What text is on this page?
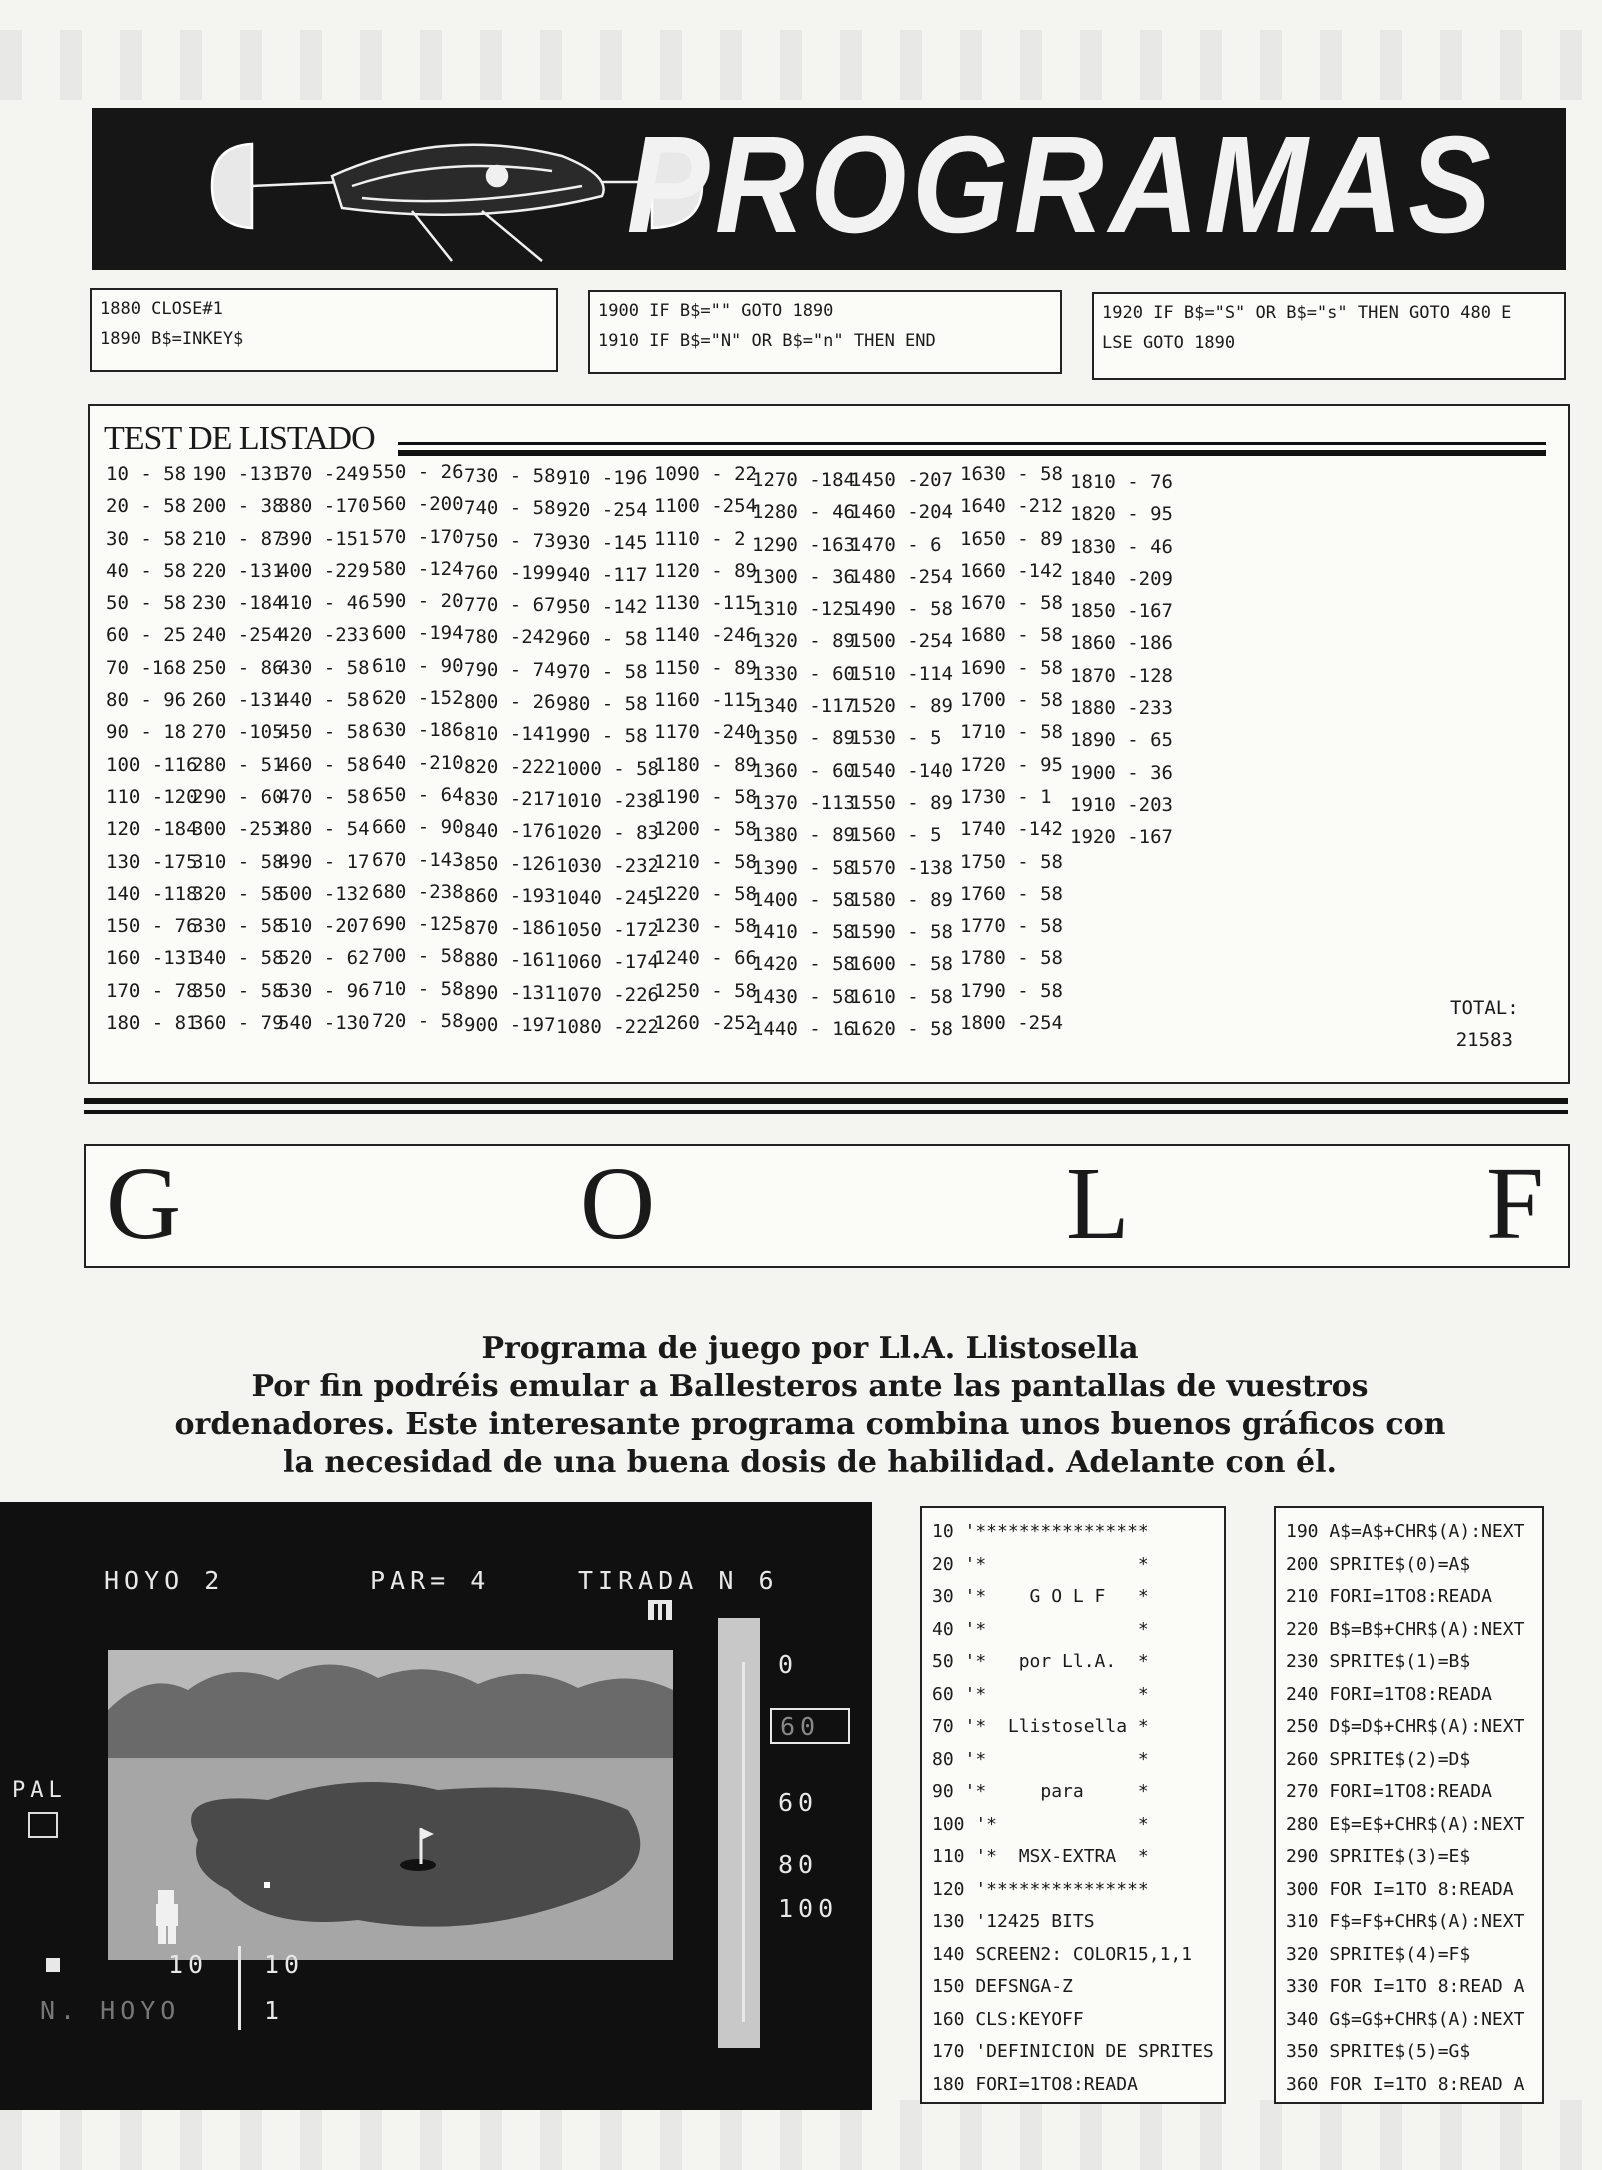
PROGRAMAS
1880 CLOSE#1
1890 B$=INKEY$
1900 IF B$="" GOTO 1890
1910 IF B$="N" OR B$="n" THEN END
1920 IF B$="S" OR B$="s" THEN GOTO 480 E
LSE GOTO 1890
TEST DE LISTADO
10 - 58
20 - 58
30 - 58
40 - 58
50 - 58
60 - 25
70 -168
80 - 96
90 - 18
100 -116
110 -120
120 -184
130 -175
140 -118
150 - 76
160 -131
170 - 78
180 - 81
190 -131
200 - 38
210 - 87
220 -131
230 -184
240 -254
250 - 86
260 -131
270 -105
280 - 51
290 - 60
300 -253
310 - 58
320 - 58
330 - 58
340 - 58
350 - 58
360 - 79
370 -249
380 -170
390 -151
400 -229
410 - 46
420 -233
430 - 58
440 - 58
450 - 58
460 - 58
470 - 58
480 - 54
490 - 17
500 -132
510 -207
520 - 62
530 - 96
540 -130
550 - 26
560 -200
570 -170
580 -124
590 - 20
600 -194
610 - 90
620 -152
630 -186
640 -210
650 - 64
660 - 90
670 -143
680 -238
690 -125
700 - 58
710 - 58
720 - 58
730 - 58
740 - 58
750 - 73
760 -199
770 - 67
780 -242
790 - 74
800 - 26
810 -141
820 -222
830 -217
840 -176
850 -126
860 -193
870 -186
880 -161
890 -131
900 -197
910 -196
920 -254
930 -145
940 -117
950 -142
960 - 58
970 - 58
980 - 58
990 - 58
1000 - 58
1010 -238
1020 - 83
1030 -232
1040 -245
1050 -172
1060 -174
1070 -226
1080 -222
1090 - 22
1100 -254
1110 - 2
1120 - 89
1130 -115
1140 -246
1150 - 89
1160 -115
1170 -240
1180 - 89
1190 - 58
1200 - 58
1210 - 58
1220 - 58
1230 - 58
1240 - 66
1250 - 58
1260 -252
1270 -184
1280 - 46
1290 -163
1300 - 36
1310 -125
1320 - 89
1330 - 60
1340 -117
1350 - 89
1360 - 60
1370 -113
1380 - 89
1390 - 58
1400 - 58
1410 - 58
1420 - 58
1430 - 58
1440 - 16
1450 -207
1460 -204
1470 - 6
1480 -254
1490 - 58
1500 -254
1510 -114
1520 - 89
1530 - 5
1540 -140
1550 - 89
1560 - 5
1570 -138
1580 - 89
1590 - 58
1600 - 58
1610 - 58
1620 - 58
1630 - 58
1640 -212
1650 - 89
1660 -142
1670 - 58
1680 - 58
1690 - 58
1700 - 58
1710 - 58
1720 - 95
1730 - 1
1740 -142
1750 - 58
1760 - 58
1770 - 58
1780 - 58
1790 - 58
1800 -254
1810 - 76
1820 - 95
1830 - 46
1840 -209
1850 -167
1860 -186
1870 -128
1880 -233
1890 - 65
1900 - 36
1910 -203
1920 -167
TOTAL:
21583
G	O	L	F
Programa de juego por Ll.A. Llistosella
Por fin podréis emular a Ballesteros ante las pantallas de vuestros
ordenadores. Este interesante programa combina unos buenos gráficos con
la necesidad de una buena dosis de habilidad. Adelante con él.
HOYO 2	PAR= 4	TIRADA N 6
PAL
0
60
60
80
100
10 10
N. HOYO	1
10 '****************
20 '*              *
30 '*    G O L F   *
40 '*              *
50 '*   por Ll.A.  *
60 '*              *
70 '*  Llistosella *
80 '*              *
90 '*     para     *
100 '*             *
110 '*  MSX-EXTRA  *
120 '***************
130 '12425 BITS
140 SCREEN2: COLOR15,1,1
150 DEFSNGA-Z
160 CLS:KEYOFF
170 'DEFINICION DE SPRITES
180 FORI=1TO8:READA
190 A$=A$+CHR$(A):NEXT
200 SPRITE$(0)=A$
210 FORI=1TO8:READA
220 B$=B$+CHR$(A):NEXT
230 SPRITE$(1)=B$
240 FORI=1TO8:READA
250 D$=D$+CHR$(A):NEXT
260 SPRITE$(2)=D$
270 FORI=1TO8:READA
280 E$=E$+CHR$(A):NEXT
290 SPRITE$(3)=E$
300 FOR I=1TO 8:READA
310 F$=F$+CHR$(A):NEXT
320 SPRITE$(4)=F$
330 FOR I=1TO 8:READ A
340 G$=G$+CHR$(A):NEXT
350 SPRITE$(5)=G$
360 FOR I=1TO 8:READ A
